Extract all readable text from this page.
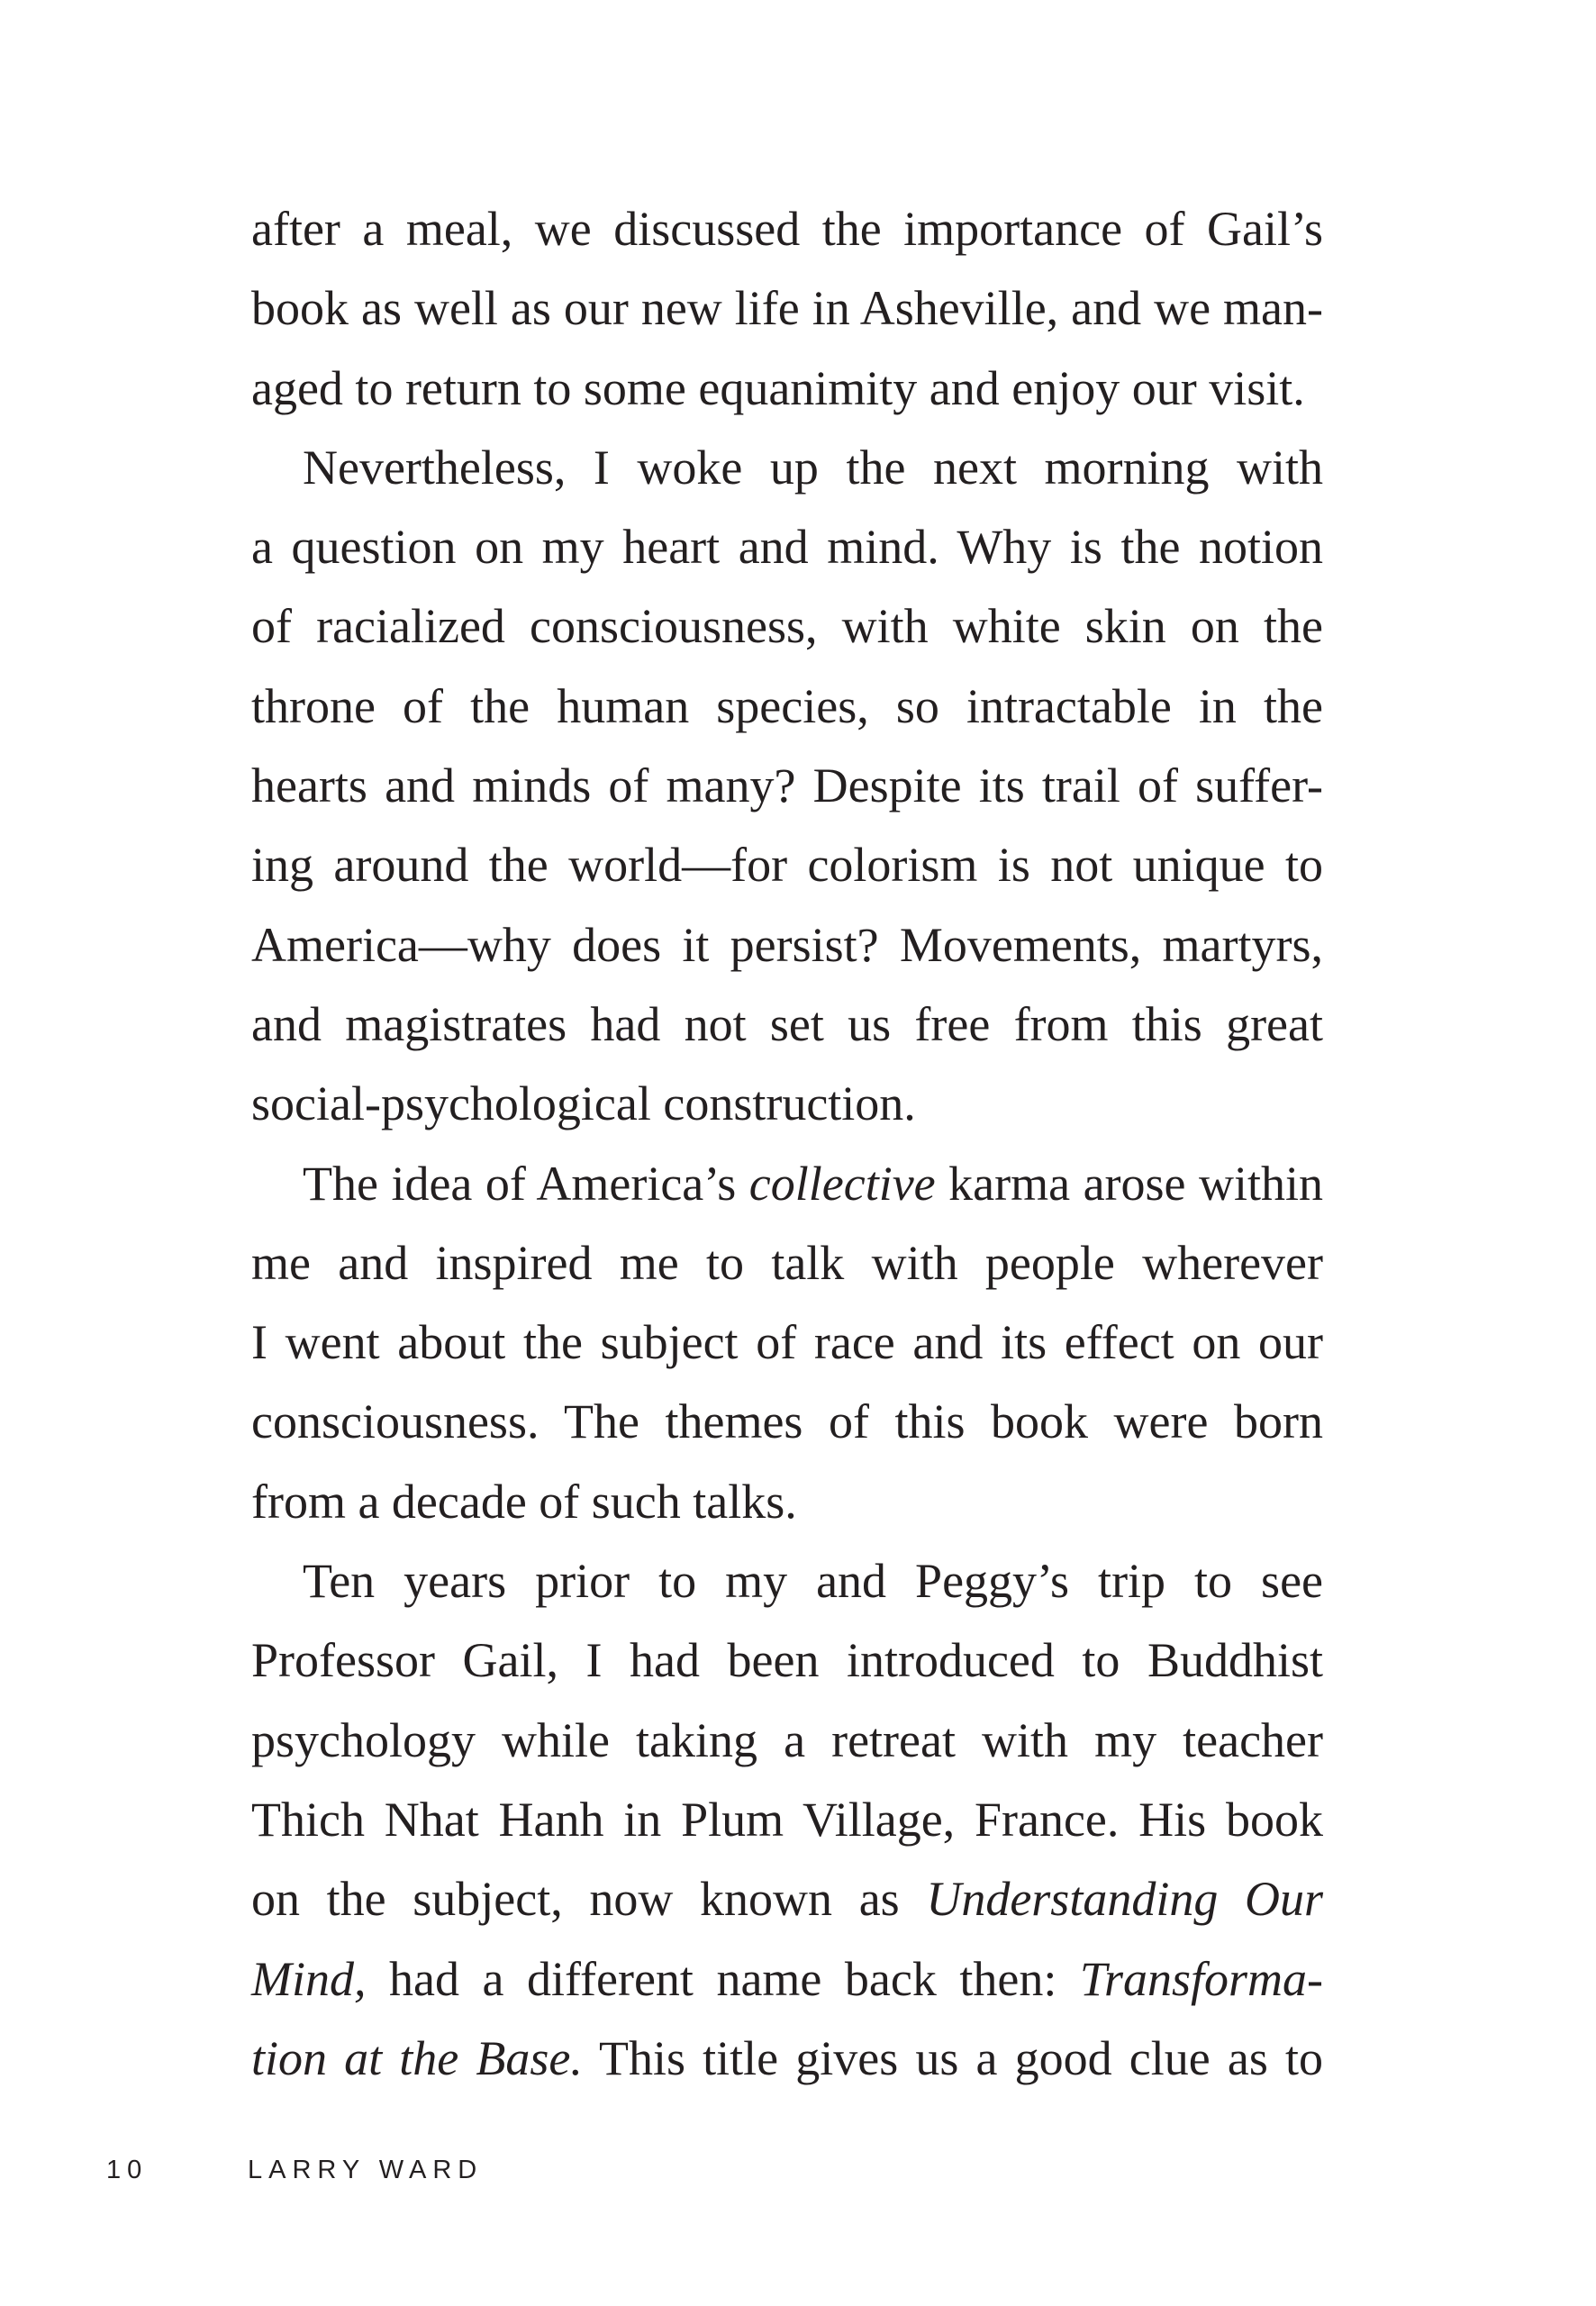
after a meal, we discussed the importance of Gail’s
book as well as our new life in Asheville, and we man-
aged to return to some equanimity and enjoy our visit.
Nevertheless, I woke up the next morning with
a question on my heart and mind. Why is the notion
of racialized consciousness, with white skin on the
throne of the human species, so intractable in the
hearts and minds of many? Despite its trail of suffer-
ing around the world—for colorism is not unique to
America—why does it persist? Movements, martyrs,
and magistrates had not set us free from this great
social-psychological construction.
The idea of America’s collective karma arose within
me and inspired me to talk with people wherever
I went about the subject of race and its effect on our
consciousness. The themes of this book were born
from a decade of such talks.
Ten years prior to my and Peggy’s trip to see
Professor Gail, I had been introduced to Buddhist
psychology while taking a retreat with my teacher
Thich Nhat Hanh in Plum Village, France. His book
on the subject, now known as Understanding Our
Mind, had a different name back then: Transforma-
tion at the Base. This title gives us a good clue as to
10	LARRY WARD
